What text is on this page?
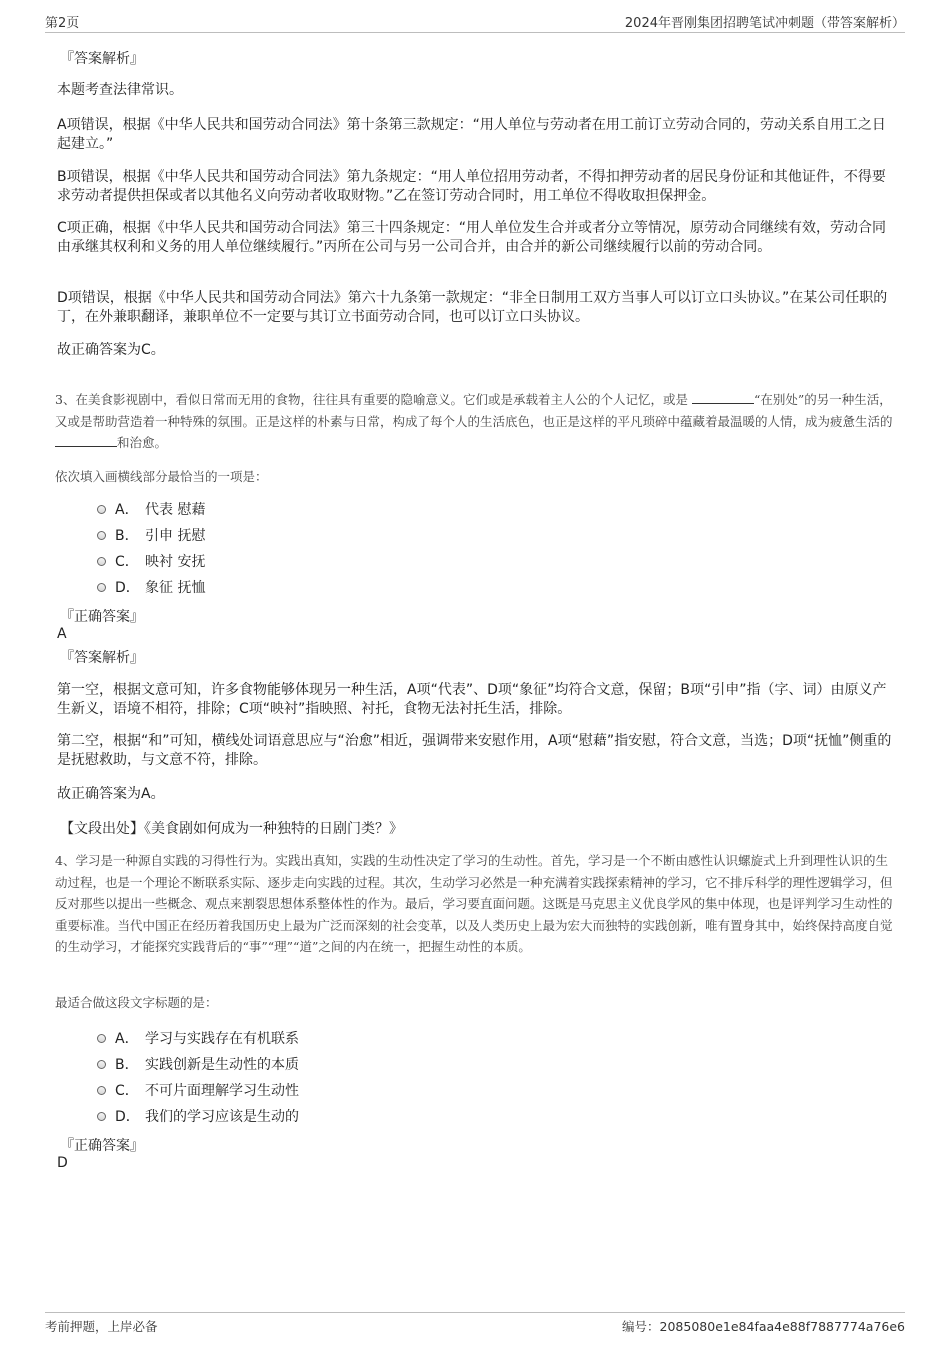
第2页	2024年晋刚集团招聘笔试冲刺题（带答案解析）
『答案解析』

本题考查法律常识。

A项错误，根据《中华人民共和国劳动合同法》第十条第三款规定：“用人单位与劳动者在用工前订立劳动合同的，劳动关系自用工之日起建立。”

B项错误，根据《中华人民共和国劳动合同法》第九条规定：“用人单位招用劳动者，不得扣押劳动者的居民身份证和其他证件，不得要求劳动者提供担保或者以其他名义向劳动者收取财物。”乙在签订劳动合同时，用工单位不得收取担保押金。

C项正确，根据《中华人民共和国劳动合同法》第三十四条规定：“用人单位发生合并或者分立等情况，原劳动合同继续有效，劳动合同由承继其权利和义务的用人单位继续履行。”丙所在公司与另一公司合并，由合并的新公司继续履行以前的劳动合同。

D项错误，根据《中华人民共和国劳动合同法》第六十九条第一款规定：“非全日制用工双方当事人可以订立口头协议。”在某公司任职的丁，在外兼职翻译，兼职单位不一定要与其订立书面劳动合同，也可以订立口头协议。

故正确答案为C。

3、在美食影视剧中，看似日常而无用的食物，往往具有重要的隐喻意义。它们或是承载着主人公的个人记忆，或是	“在别处”的另一种生活，又或是帮助营造着一种特殊的氛围。正是这样的朴素与日常，构成了每个人的生活底色，也正是这样的平凡琐碎中蕴藏着最温暖的人情，成为疲惫生活的 和治愈。

依次填入画横线部分最恰当的一项是：
A． 代表 慰藉
B． 引申 抚慰
C． 映衬 安抚
D． 象征 抚恤
『正确答案』
A
『答案解析』

第一空，根据文意可知，许多食物能够体现另一种生活，A项“代表”、D项“象征”均符合文意，保留；B项“引申”指（字、词）由原义产生新义，语境不相符，排除；C项“映衬”指映照、衬托，食物无法衬托生活，排除。

第二空，根据“和”可知，横线处词语意思应与“治愈”相近，强调带来安慰作用，A项“慰藉”指安慰，符合文意，当选；D项“抚恤”侧重的是抚慰救助，与文意不符，排除。

故正确答案为A。

【文段出处】《美食剧如何成为一种独特的日剧门类？》

4、学习是一种源自实践的习得性行为。实践出真知，实践的生动性决定了学习的生动性。首先，学习是一个不断由感性认识螺旋式上升到理性认识的生动过程，也是一个理论不断联系实际、逐步走向实践的过程。其次，生动学习必然是一种充满着实践探索精神的学习，它不排斥科学的理性逻辑学习，但反对那些以提出一些概念、观点来割裂思想体系整体性的作为。最后，学习要直面问题。这既是马克思主义优良学风的集中体现，也是评判学习生动性的重要标准。当代中国正在经历着我国历史上最为广泛而深刻的社会变革，以及人类历史上最为宏大而独特的实践创新，唯有置身其中，始终保持高度自觉的生动学习，才能探究实践背后的“事”“理”“道”之间的内在统一，把握生动性的本质。

最适合做这段文字标题的是：
A． 学习与实践存在有机联系
B． 实践创新是生动性的本质
C． 不可片面理解学习生动性
D． 我们的学习应该是生动的
『正确答案』
D
考前押题，上岸必备	编号：2085080e1e84faa4e88f7887774a76e6
